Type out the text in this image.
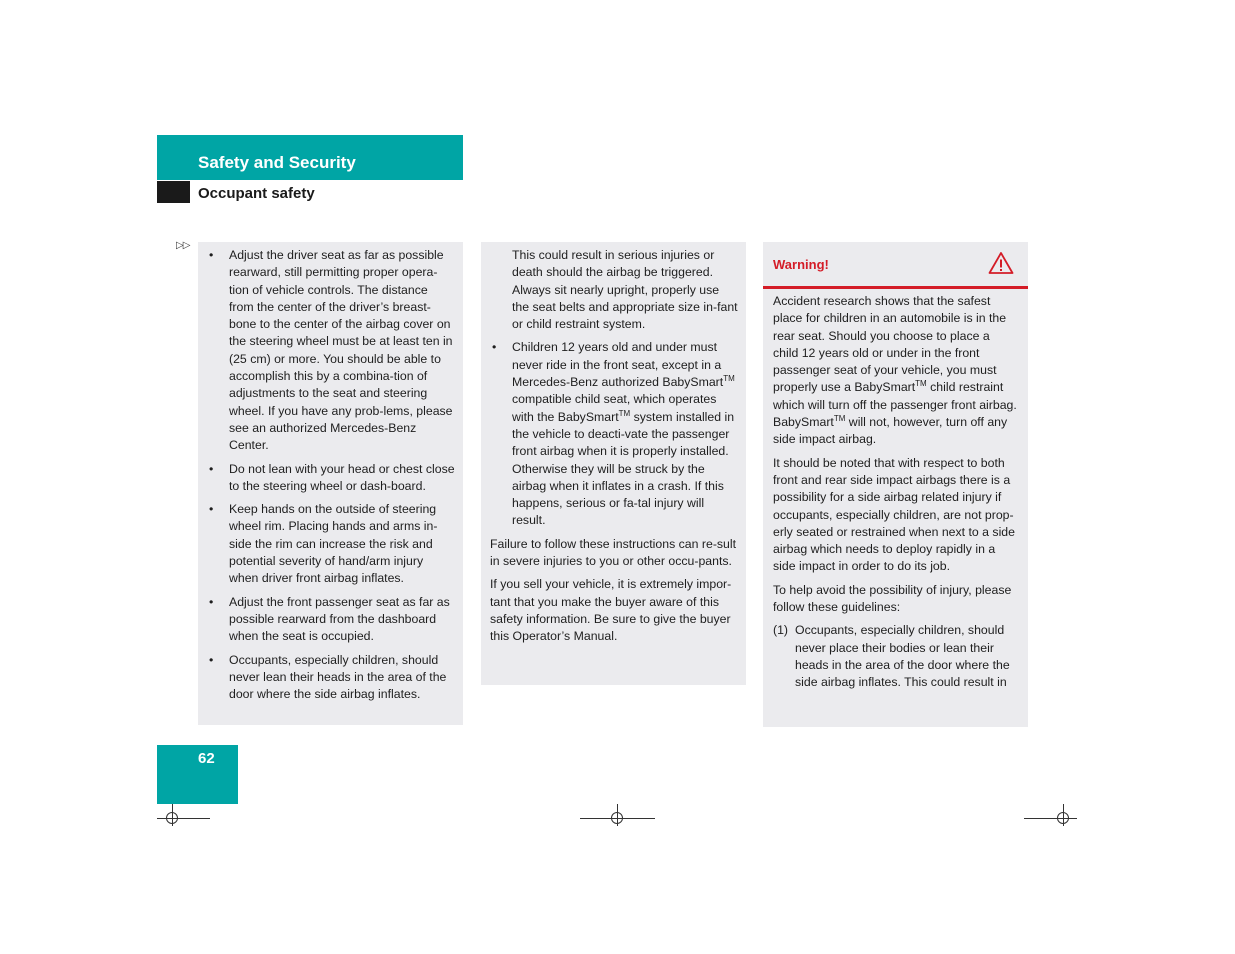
Safety and Security
Occupant safety
▷▷
• Adjust the driver seat as far as possible rearward, still permitting proper opera-tion of vehicle controls. The distance from the center of the driver’s breast-bone to the center of the airbag cover on the steering wheel must be at least ten in (25 cm) or more. You should be able to accomplish this by a combina-tion of adjustments to the seat and steering wheel. If you have any prob-lems, please see an authorized Mercedes-Benz Center.
• Do not lean with your head or chest close to the steering wheel or dash-board.
• Keep hands on the outside of steering wheel rim. Placing hands and arms in-side the rim can increase the risk and potential severity of hand/arm injury when driver front airbag inflates.
• Adjust the front passenger seat as far as possible rearward from the dashboard when the seat is occupied.
• Occupants, especially children, should never lean their heads in the area of the door where the side airbag inflates.

This could result in serious injuries or death should the airbag be triggered. Always sit nearly upright, properly use the seat belts and appropriate size in-fant or child restraint system.

• Children 12 years old and under must never ride in the front seat, except in a Mercedes-Benz authorized BabySmart™ compatible child seat, which operates with the BabySmart™ system installed in the vehicle to deacti-vate the passenger front airbag when it is properly installed. Otherwise they will be struck by the airbag when it inflates in a crash. If this happens, serious or fa-tal injury will result.

Failure to follow these instructions can re-sult in severe injuries to you or other occu-pants.

If you sell your vehicle, it is extremely impor-tant that you make the buyer aware of this safety information. Be sure to give the buyer this Operator’s Manual.

Warning!

Accident research shows that the safest place for children in an automobile is in the rear seat. Should you choose to place a child 12 years old or under in the front passenger seat of your vehicle, you must properly use a BabySmart™ child restraint which will turn off the passenger front airbag. BabySmart™ will not, however, turn off any side impact airbag.

It should be noted that with respect to both front and rear side impact airbags there is a possibility for a side airbag related injury if occupants, especially children, are not prop-erly seated or restrained when next to a side airbag which needs to deploy rapidly in a side impact in order to do its job.

To help avoid the possibility of injury, please follow these guidelines:

(1) Occupants, especially children, should never place their bodies or lean their heads in the area of the door where the side airbag inflates. This could result in
62
